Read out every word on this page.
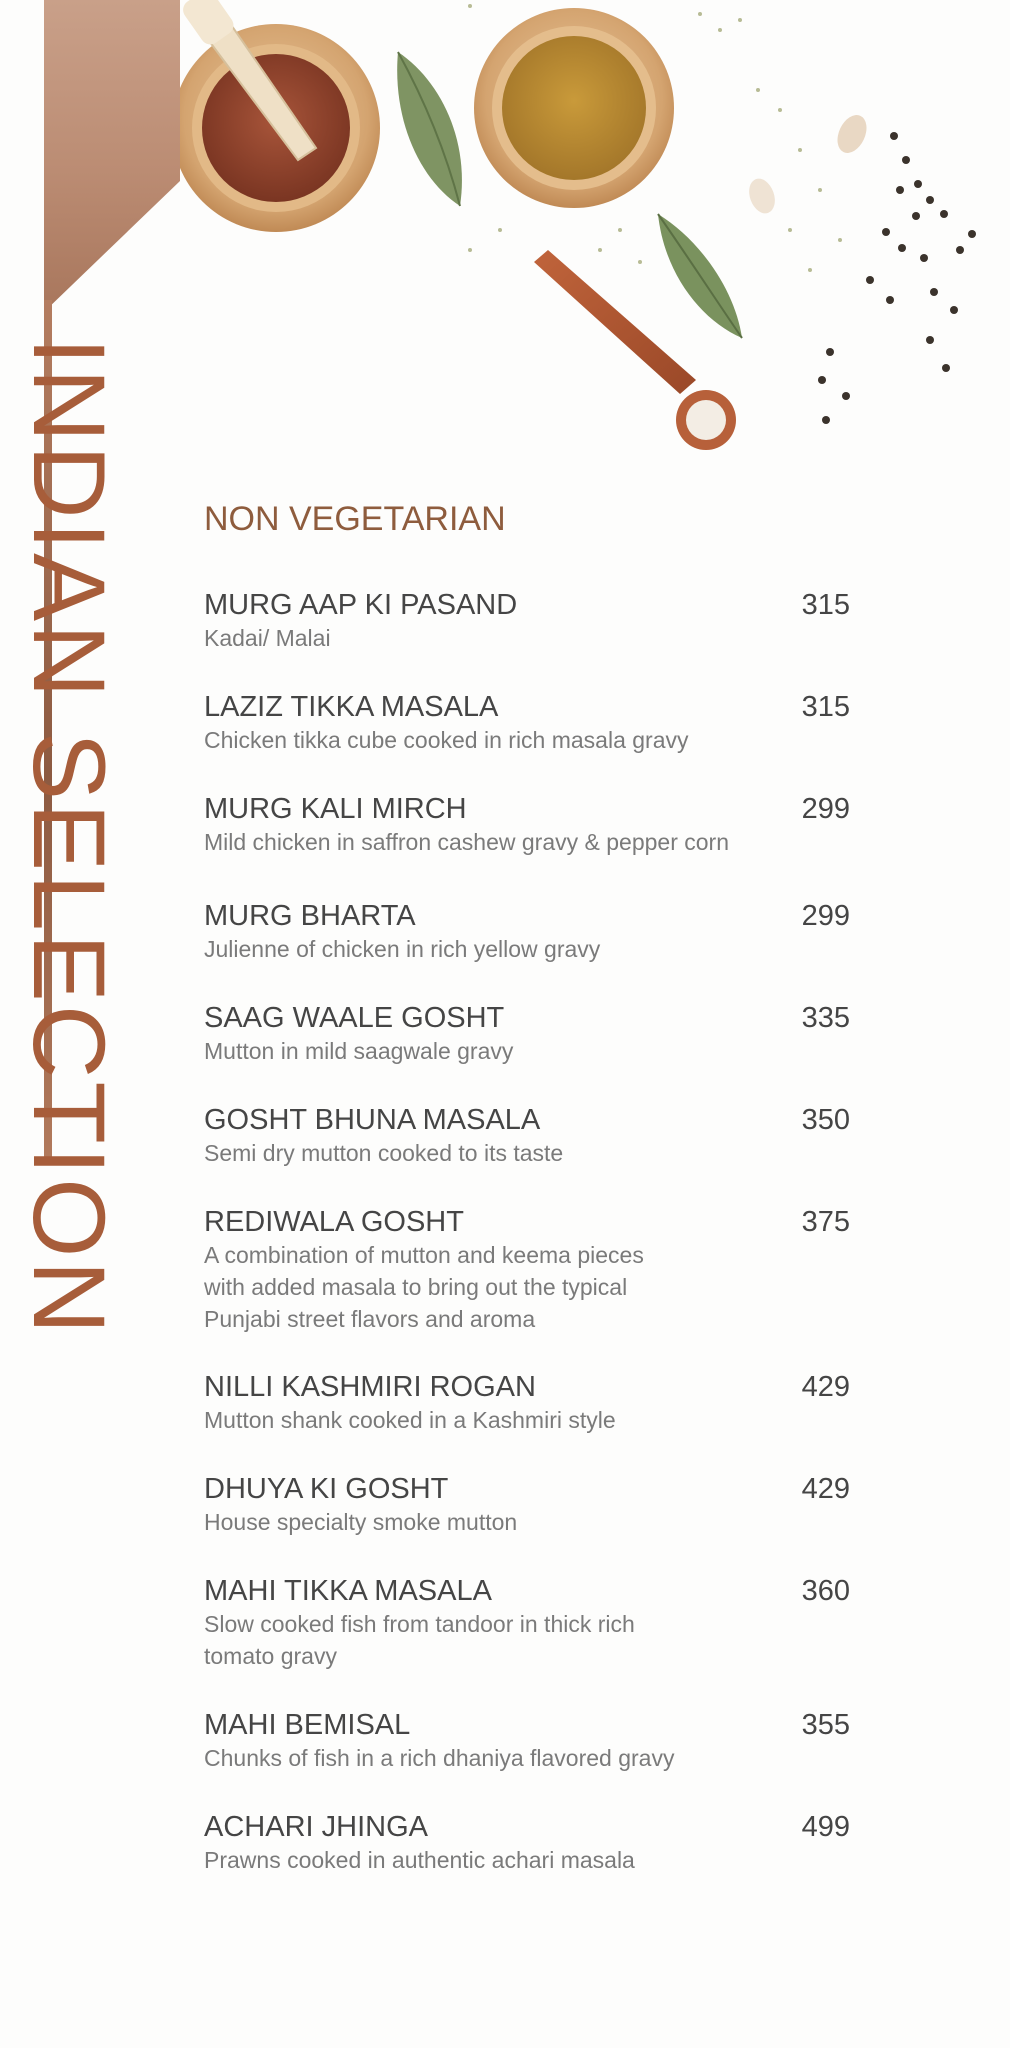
INDIAN SELECTION NON VEGETARIAN
MURG AAP KI PASAND	315
Kadai/ Malai
LAZIZ TIKKA MASALA	315
Chicken tikka cube cooked in rich masala gravy
MURG KALI MIRCH	299
Mild chicken in saffron cashew gravy & pepper corn
MURG BHARTA	299
Julienne of chicken in rich yellow gravy
SAAG WAALE GOSHT	335
Mutton in mild saagwale gravy
GOSHT BHUNA MASALA	350
Semi dry mutton cooked to its taste
REDIWALA GOSHT	375
A combination of mutton and keema pieces
with added masala to bring out the typical
Punjabi street flavors and aroma
NILLI KASHMIRI ROGAN	429
Mutton shank cooked in a Kashmiri style
DHUYA KI GOSHT	429
House specialty smoke mutton
MAHI TIKKA MASALA	360
Slow cooked fish from tandoor in thick rich
tomato gravy
MAHI BEMISAL	355
Chunks of fish in a rich dhaniya flavored gravy
ACHARI JHINGA	499
Prawns cooked in authentic achari masala
